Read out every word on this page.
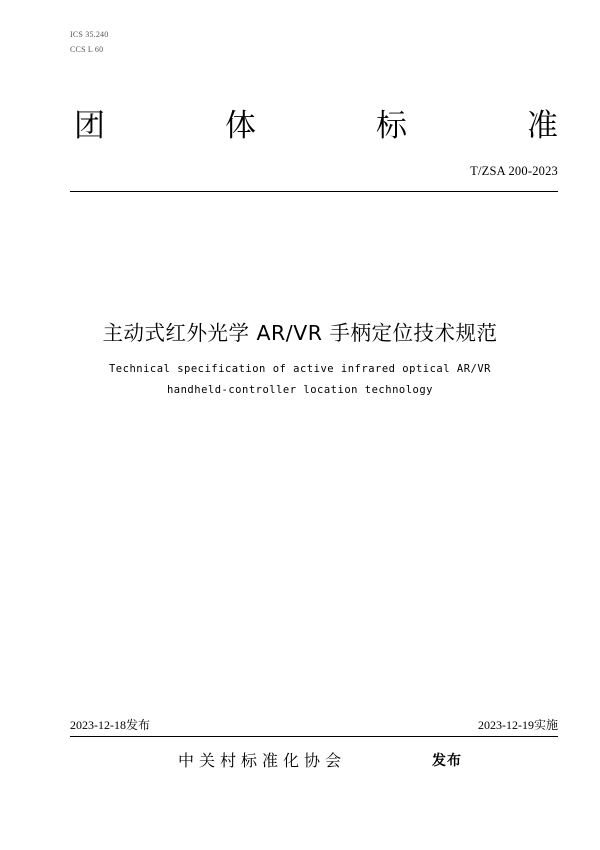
ICS 35.240
CCS L 60
团	体	标	准
T/ZSA 200-2023
主动式红外光学 AR/VR 手柄定位技术规范
Technical specification of active infrared optical AR/VR
handheld-controller location technology
2023-12-18发布	2023-12-19实施
中关村标准化协会	发布
